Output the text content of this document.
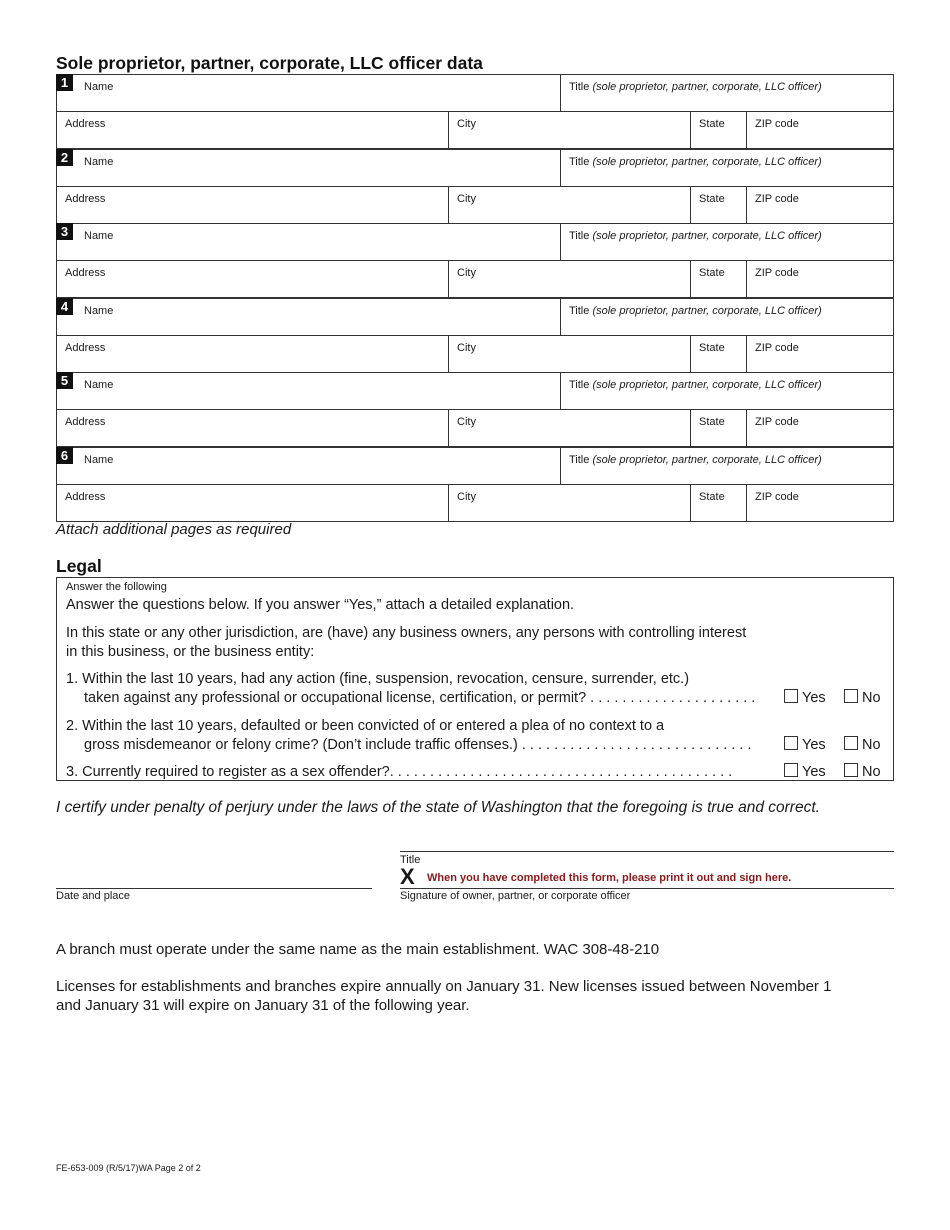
Sole proprietor, partner, corporate, LLC officer data
1	Name	Title (sole proprietor, partner, corporate, LLC officer)
Address	City	State	ZIP code
2	Name	Title (sole proprietor, partner, corporate, LLC officer)
Address	City	State	ZIP code
3	Name	Title (sole proprietor, partner, corporate, LLC officer)
Address	City	State	ZIP code
4	Name	Title (sole proprietor, partner, corporate, LLC officer)
Address	City	State	ZIP code
5	Name	Title (sole proprietor, partner, corporate, LLC officer)
Address	City	State	ZIP code
6	Name	Title (sole proprietor, partner, corporate, LLC officer)
Address	City	State	ZIP code
Attach additional pages as required
Legal
Answer the following
Answer the questions below. If you answer “Yes,” attach a detailed explanation.
In this state or any other jurisdiction, are (have) any business owners, any persons with controlling interest
in this business, or the business entity:
1. Within the last 10 years, had any action (fine, suspension, revocation, censure, surrender, etc.)
taken against any professional or occupational license, certification, or permit? . . . . . . . . . . . . . . . . . . . . .	Yes	No
2. Within the last 10 years, defaulted or been convicted of or entered a plea of no context to a
gross misdemeanor or felony crime? (Don’t include traffic offenses.) . . . . . . . . . . . . . . . . . . . . . . . . . . . . .	Yes	No
3. Currently required to register as a sex offender?. . . . . . . . . . . . . . . . . . . . . . . . . . . . . . . . . . . . . . . . . . .	Yes	No
I certify under penalty of perjury under the laws of the state of Washington that the foregoing is true and correct.
Title
X When you have completed this form, please print it out and sign here.
Date and place	Signature of owner, partner, or corporate officer
A branch must operate under the same name as the main establishment. WAC 308-48-210
Licenses for establishments and branches expire annually on January 31. New licenses issued between November 1
and January 31 will expire on January 31 of the following year.
FE-653-009 (R/5/17)WA Page 2 of 2
